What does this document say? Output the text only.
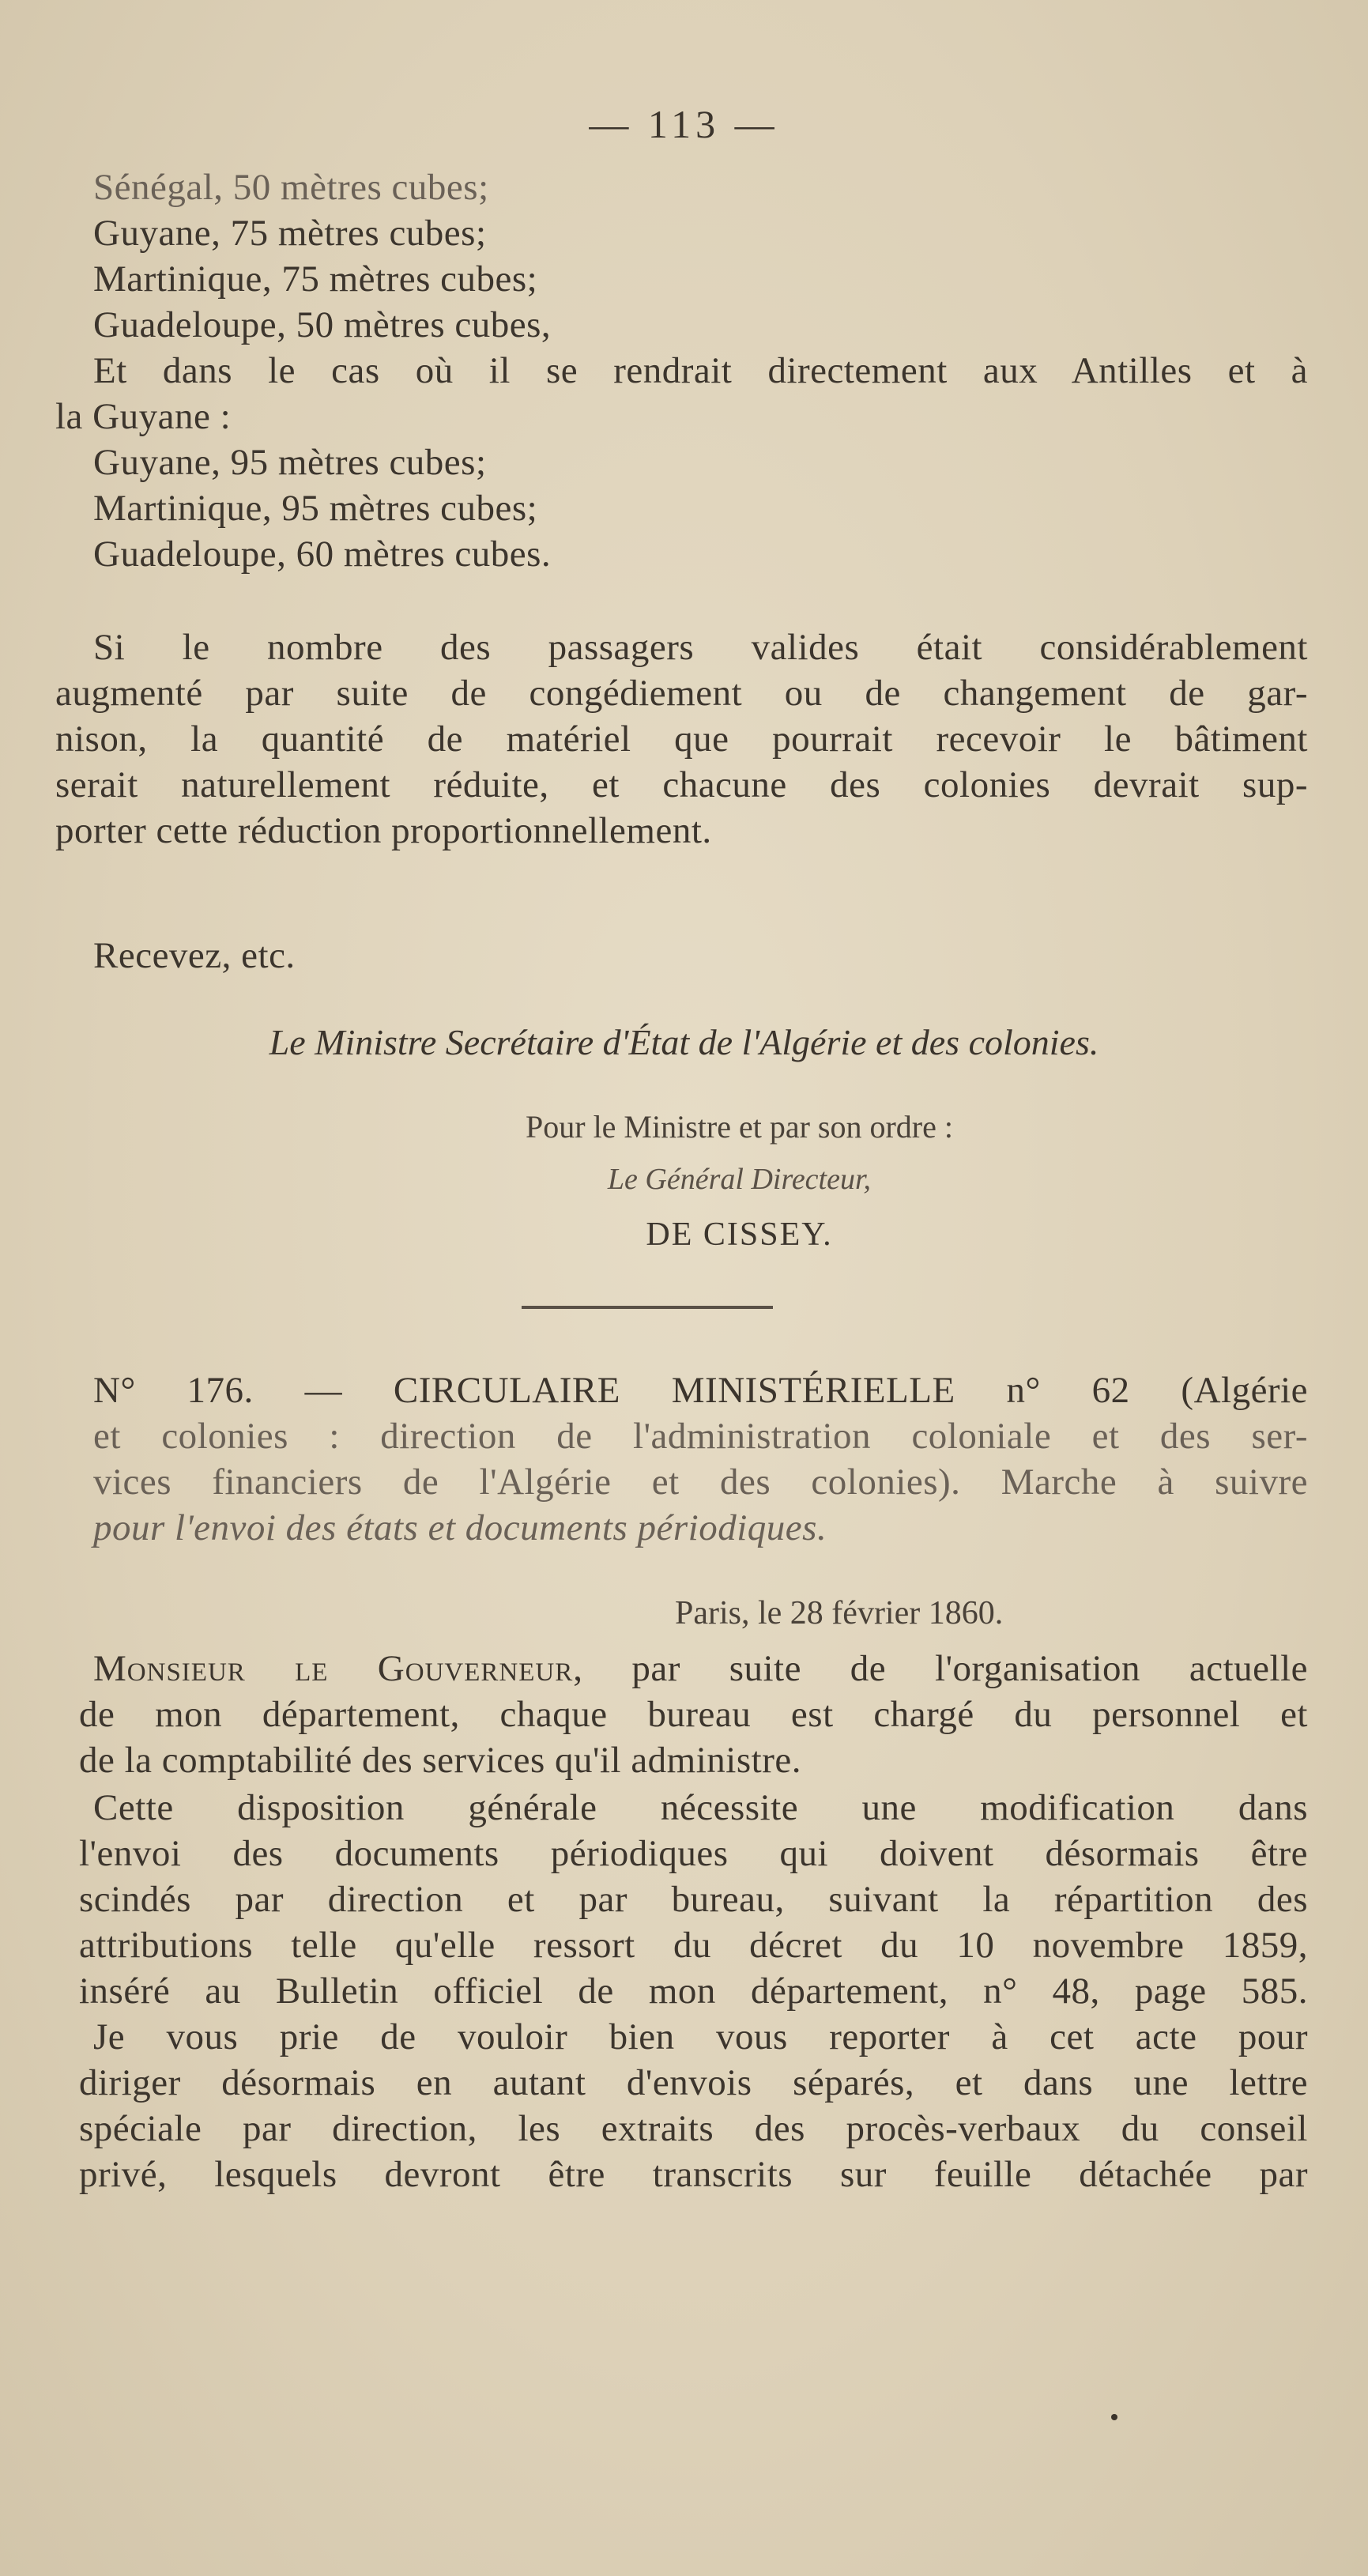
— 113 —
Sénégal, 50 mètres cubes;
Guyane, 75 mètres cubes;
Martinique, 75 mètres cubes;
Guadeloupe, 50 mètres cubes,
Et dans le cas où il se rendrait directement aux Antilles et à
la Guyane :
Guyane, 95 mètres cubes;
Martinique, 95 mètres cubes;
Guadeloupe, 60 mètres cubes.
Si le nombre des passagers valides était considérablement
augmenté par suite de congédiement ou de changement de gar-
nison, la quantité de matériel que pourrait recevoir le bâtiment
serait naturellement réduite, et chacune des colonies devrait sup-
porter cette réduction proportionnellement.
Recevez, etc.
Le Ministre Secrétaire d'État de l'Algérie et des colonies.
Pour le Ministre et par son ordre :
Le Général Directeur,
DE CISSEY.
N° 176. — CIRCULAIRE MINISTÉRIELLE n° 62 (Algérie
et colonies : direction de l'administration coloniale et des ser-
vices financiers de l'Algérie et des colonies). Marche à suivre
pour l'envoi des états et documents périodiques.
Paris, le 28 février 1860.
Monsieur le Gouverneur, par suite de l'organisation actuelle
de mon département, chaque bureau est chargé du personnel et
de la comptabilité des services qu'il administre.
Cette disposition générale nécessite une modification dans
l'envoi des documents périodiques qui doivent désormais être
scindés par direction et par bureau, suivant la répartition des
attributions telle qu'elle ressort du décret du 10 novembre 1859,
inséré au Bulletin officiel de mon département, n° 48, page 585.
Je vous prie de vouloir bien vous reporter à cet acte pour
diriger désormais en autant d'envois séparés, et dans une lettre
spéciale par direction, les extraits des procès-verbaux du conseil
privé, lesquels devront être transcrits sur feuille détachée par
